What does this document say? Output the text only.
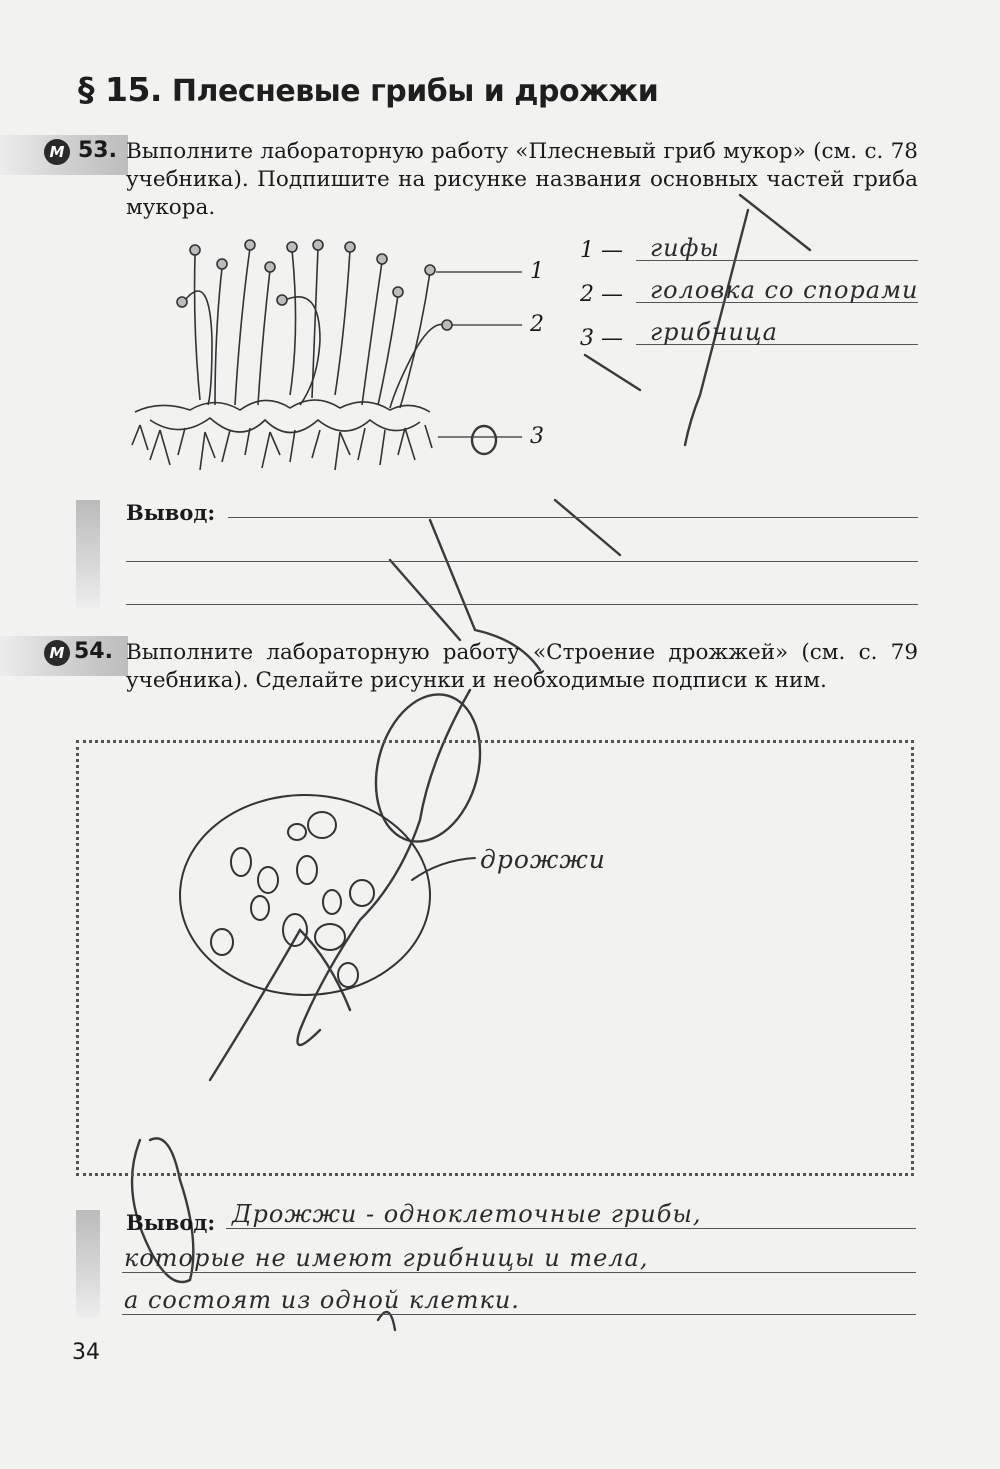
§ 15. Плесневые грибы и дрожжи
М 53. Выполните лабораторную работу «Плесневый гриб мукор» (см. с. 78 учебника). Подпишите на рисунке названия основных частей гриба мукора.
1
2
3
1 — гифы
2 — головка со спорами
3 — грибница
Вывод:
М 54. Выполните лабораторную работу «Строение дрожжей» (см. с. 79 учебника). Сделайте рисунки и необходимые подписи к ним.
дрожжи
Вывод: Дрожжи - одноклеточные грибы,
которые не имеют грибницы и тела,
а состоят из одной клетки.
34
